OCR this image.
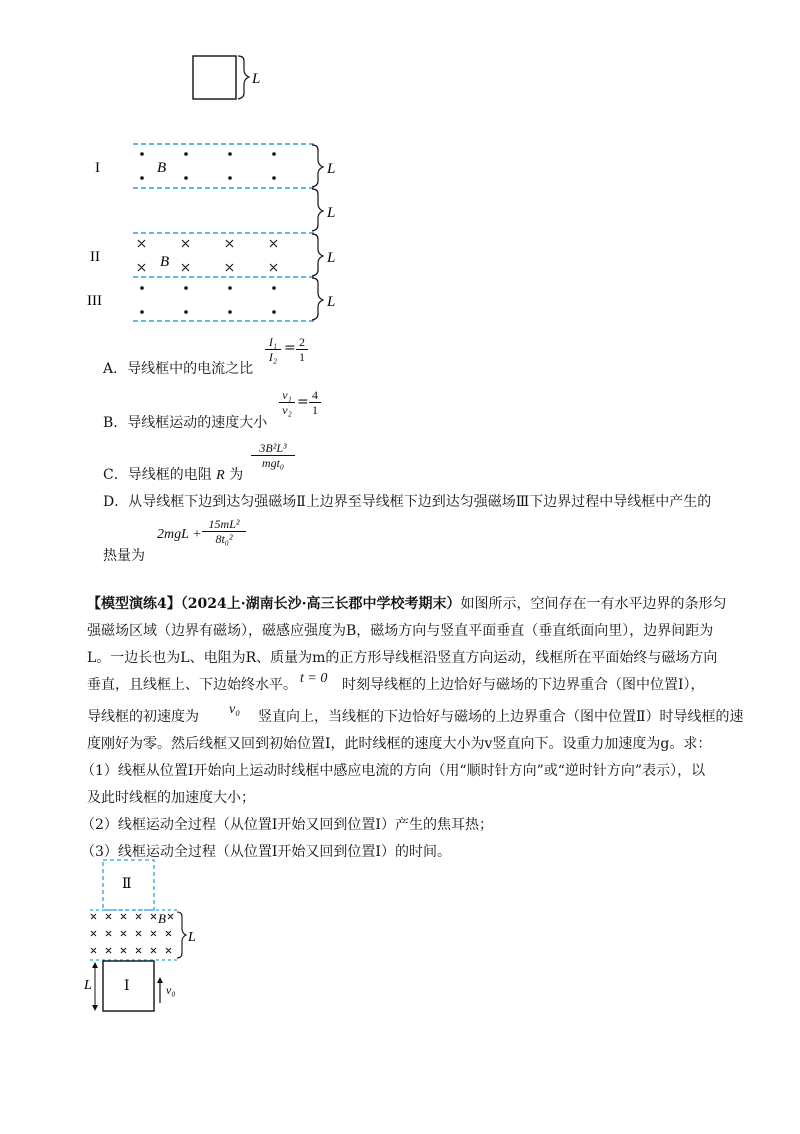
L
I
II
III
B
B
L
L
L
L
A．导线框中的电流之比
$\frac{\text{I₁}}{\text{I₂}} = \frac{2}{1}$
B．导线框运动的速度大小
$\frac{\text{v₁}}{\text{v₂}} = \frac{4}{1}$
C．导线框的电阻 R 为
3B²L³
mgt₀
D．从导线框下边到达匀强磁场Ⅱ上边界至导线框下边到达匀强磁场Ⅲ下边界过程中导线框中产生的
热量为
$2mgL + \frac{\text{15mL²}}{\text{8t₀²}}$
【模型演练4】（2024上·湖南长沙·高三长郡中学校考期末）如图所示，空间存在一有水平边界的条形匀
强磁场区域（边界有磁场），磁感应强度为B，磁场方向与竖直平面垂直（垂直纸面向里），边界间距为
L。一边长也为L、电阻为R、质量为m的正方形导线框沿竖直方向运动，线框所在平面始终与磁场方向
垂直，且线框上、下边始终水平。 t = 0 时刻导线框的上边恰好与磁场的下边界重合（图中位置Ⅰ），
导线框的初速度为 v₀ 竖直向上，当线框的下边恰好与磁场的上边界重合（图中位置Ⅱ）时导线框的速
度刚好为零。然后线框又回到初始位置Ⅰ，此时线框的速度大小为v竖直向下。设重力加速度为g。求：
（1）线框从位置Ⅰ开始向上运动时线框中感应电流的方向（用“顺时针方向”或“逆时针方向”表示），以
及此时线框的加速度大小；
（2）线框运动全过程（从位置Ⅰ开始又回到位置Ⅰ）产生的焦耳热；
（3）线框运动全过程（从位置Ⅰ开始又回到位置Ⅰ）的时间。
Ⅱ
B
L
Ⅰ
L	v₀
